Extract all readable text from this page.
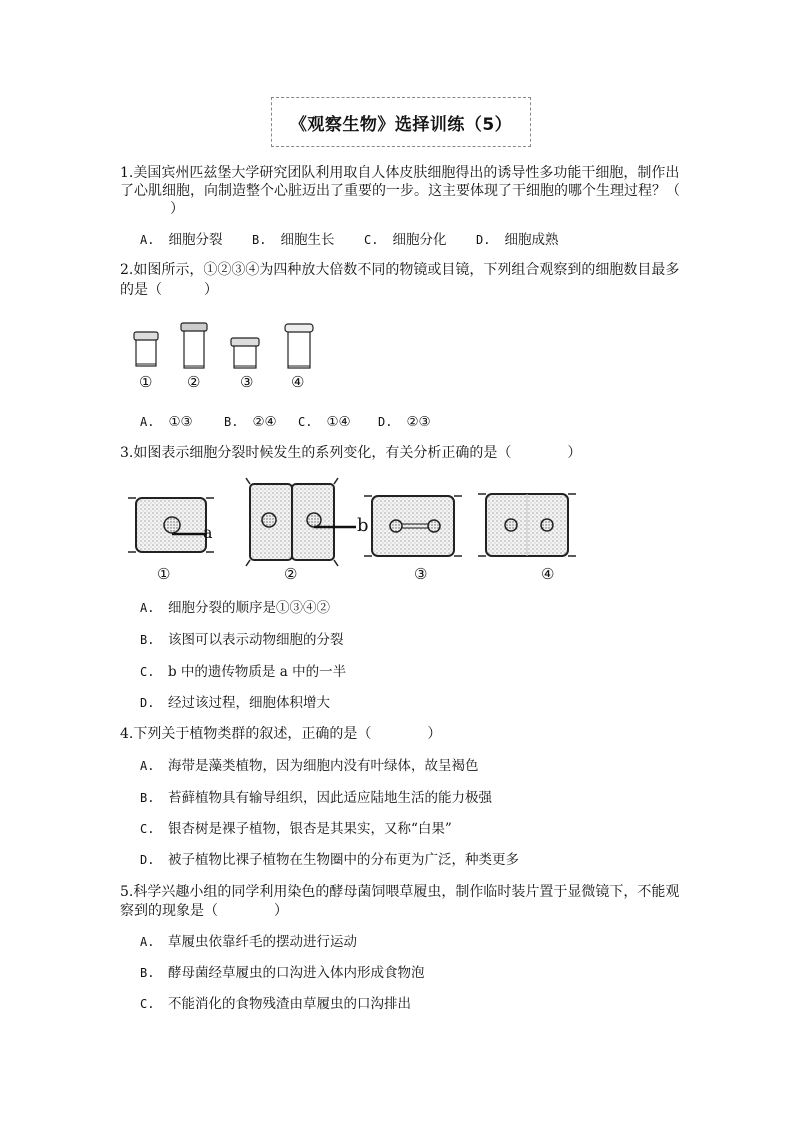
《观察生物》选择训练（5）
1.美国宾州匹兹堡大学研究团队利用取自人体皮肤细胞得出的诱导性多功能干细胞，制作出
了心肌细胞，向制造整个心脏迈出了重要的一步。这主要体现了干细胞的哪个生理过程？（
）
A. 细胞分裂 B. 细胞生长 C. 细胞分化 D. 细胞成熟
2.如图所示，①②③④为四种放大倍数不同的物镜或目镜，下列组合观察到的细胞数目最多
的是（　　　）
① ②	③	④
A. ①③	B. ②④ C. ①④ D. ②③
3.如图表示细胞分裂时候发生的系列变化，有关分析正确的是（　　　　）
a	b
①	②	③	④
A. 细胞分裂的顺序是①③④②
B. 该图可以表示动物细胞的分裂
C. b 中的遗传物质是 a 中的一半
D. 经过该过程，细胞体积增大
4.下列关于植物类群的叙述，正确的是（　　　　）
A. 海带是藻类植物，因为细胞内没有叶绿体，故呈褐色
B. 苔藓植物具有输导组织，因此适应陆地生活的能力极强
C. 银杏树是裸子植物，银杏是其果实，又称“白果”
D. 被子植物比裸子植物在生物圈中的分布更为广泛，种类更多
5.科学兴趣小组的同学利用染色的酵母菌饲喂草履虫，制作临时装片置于显微镜下，不能观
察到的现象是（　　　　）
A. 草履虫依靠纤毛的摆动进行运动
B. 酵母菌经草履虫的口沟进入体内形成食物泡
C. 不能消化的食物残渣由草履虫的口沟排出
